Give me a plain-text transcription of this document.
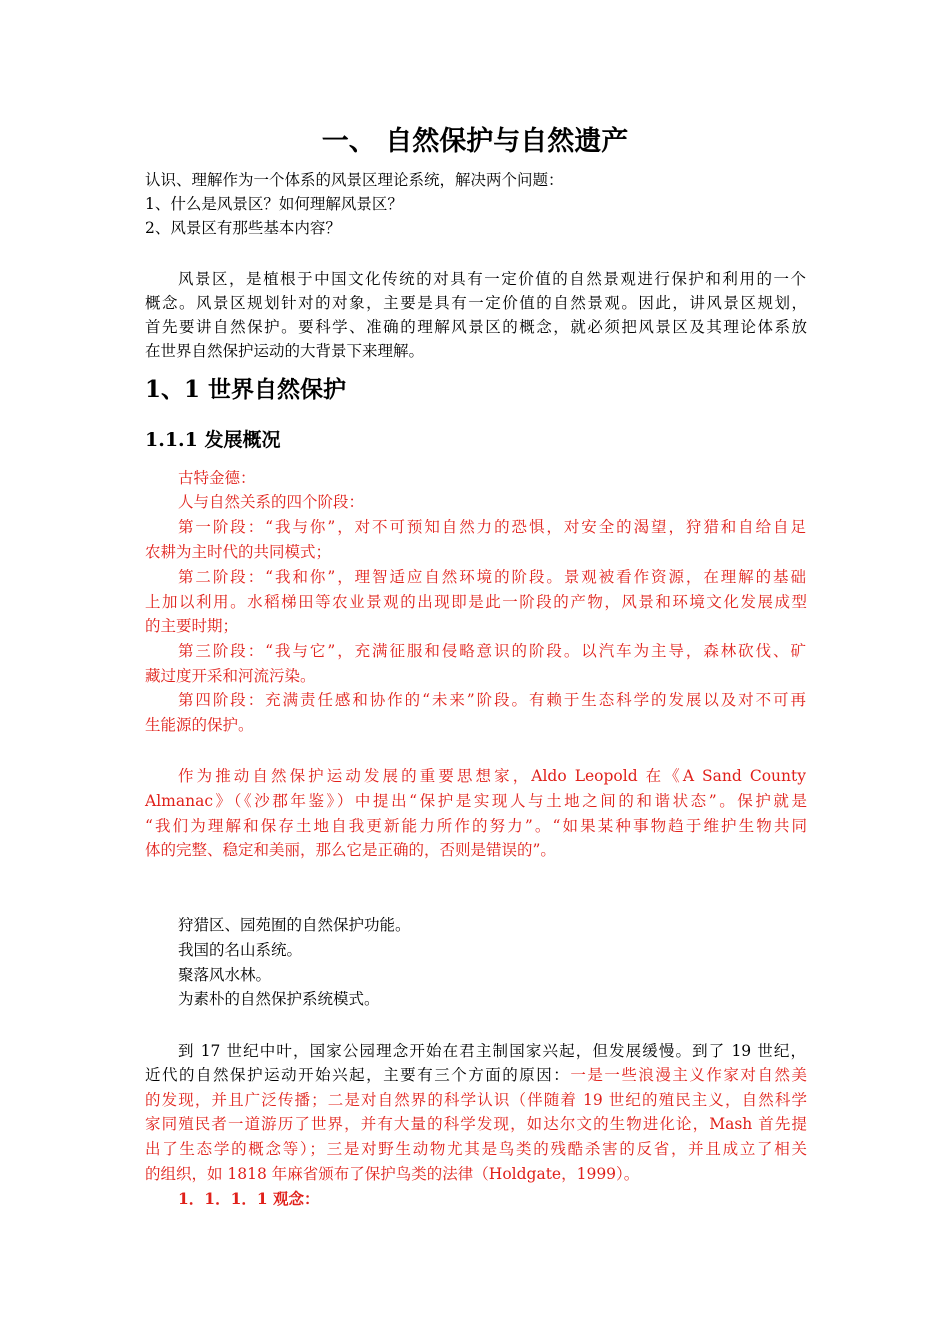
一、 自然保护与自然遗产
认识、理解作为一个体系的风景区理论系统，解决两个问题：
1、什么是风景区？如何理解风景区？
2、风景区有那些基本内容？
风景区，是植根于中国文化传统的对具有一定价值的自然景观进行保护和利用的一个
概念。风景区规划针对的对象，主要是具有一定价值的自然景观。因此，讲风景区规划，
首先要讲自然保护。要科学、准确的理解风景区的概念，就必须把风景区及其理论体系放
在世界自然保护运动的大背景下来理解。
1、1 世界自然保护
1.1.1 发展概况
古特金德：
人与自然关系的四个阶段：
第一阶段：“我与你”，对不可预知自然力的恐惧，对安全的渴望，狩猎和自给自足
农耕为主时代的共同模式；
第二阶段：“我和你”，理智适应自然环境的阶段。景观被看作资源，在理解的基础
上加以利用。水稻梯田等农业景观的出现即是此一阶段的产物，风景和环境文化发展成型
的主要时期；
第三阶段：“我与它”，充满征服和侵略意识的阶段。以汽车为主导，森林砍伐、矿
藏过度开采和河流污染。
第四阶段：充满责任感和协作的“未来”阶段。有赖于生态科学的发展以及对不可再
生能源的保护。
作为推动自然保护运动发展的重要思想家，Aldo Leopold 在《A Sand County
Almanac》（《沙郡年鉴》）中提出“保护是实现人与土地之间的和谐状态”。保护就是
“我们为理解和保存土地自我更新能力所作的努力”。“如果某种事物趋于维护生物共同
体的完整、稳定和美丽，那么它是正确的，否则是错误的”。
狩猎区、园苑囿的自然保护功能。
我国的名山系统。
聚落风水林。
为素朴的自然保护系统模式。
到 17 世纪中叶，国家公园理念开始在君主制国家兴起，但发展缓慢。到了 19 世纪，
近代的自然保护运动开始兴起，主要有三个方面的原因：一是一些浪漫主义作家对自然美
的发现，并且广泛传播；二是对自然界的科学认识（伴随着 19 世纪的殖民主义，自然科学
家同殖民者一道游历了世界，并有大量的科学发现，如达尔文的生物进化论，Mash 首先提
出了生态学的概念等）；三是对野生动物尤其是鸟类的残酷杀害的反省，并且成立了相关
的组织，如 1818 年麻省颁布了保护鸟类的法律（Holdgate，1999）。
1．1．1．1 观念：
